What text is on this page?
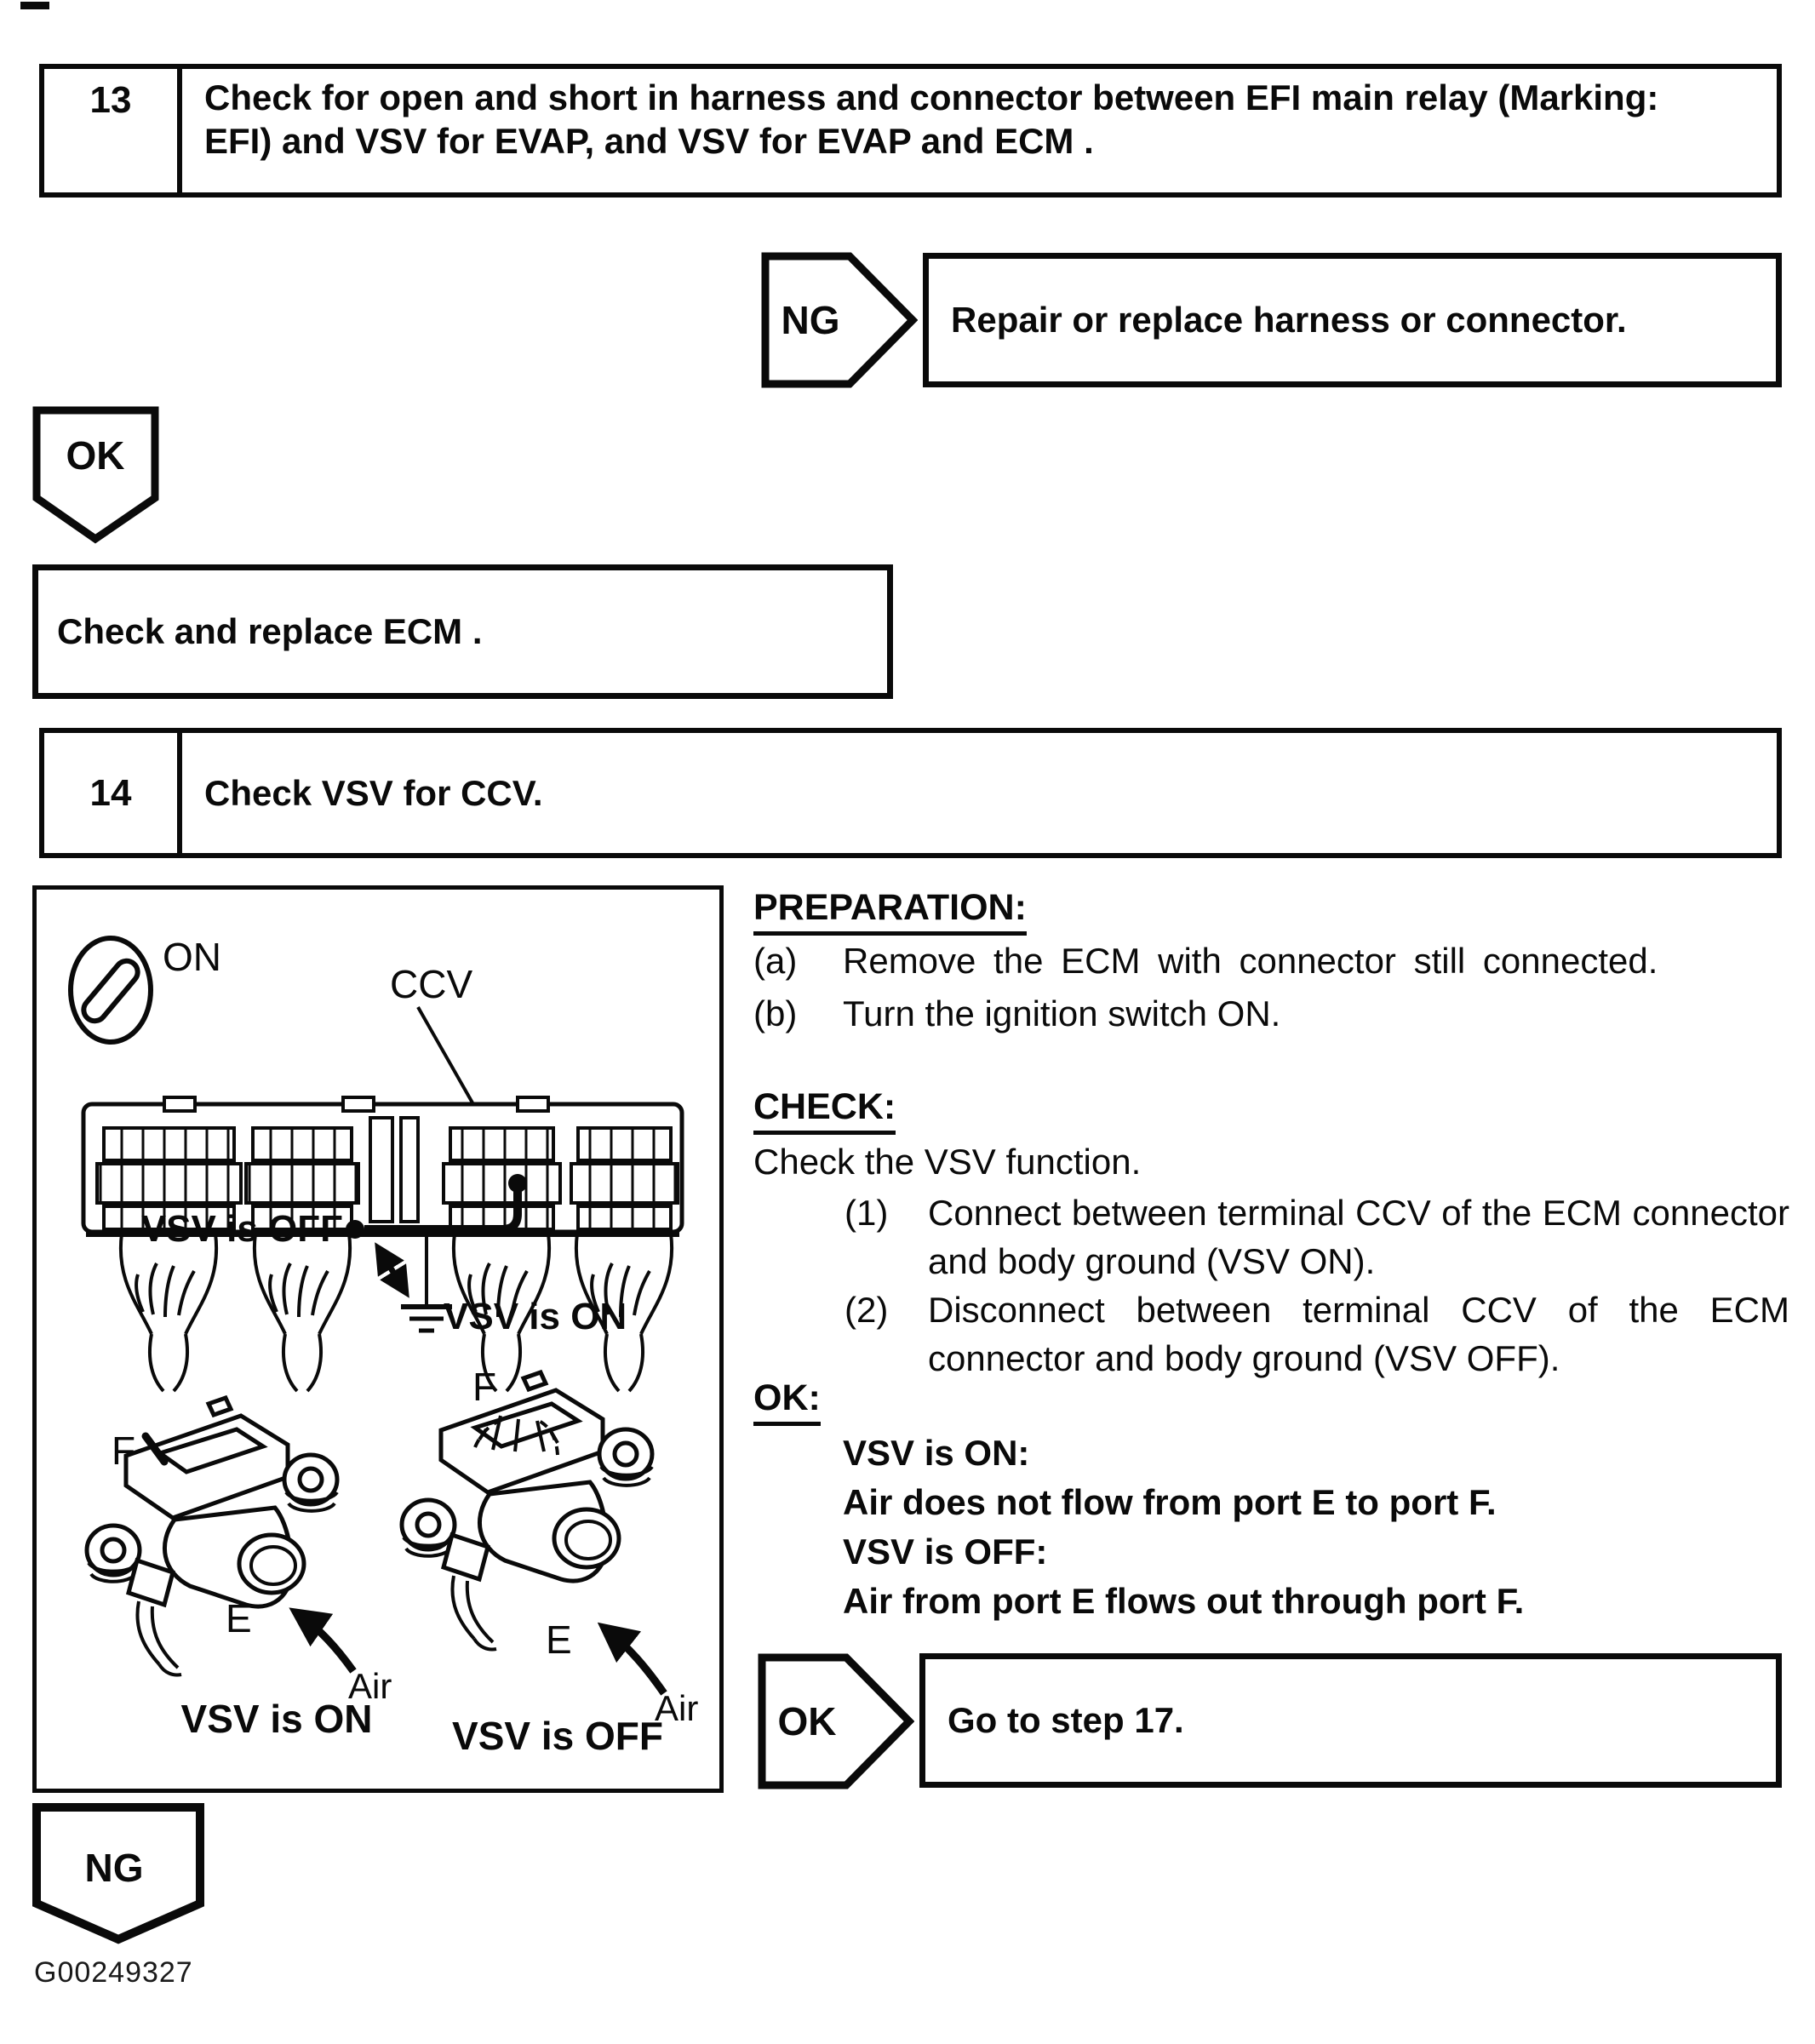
13	Check for open and short in harness and connector between EFI main relay (Marking: EFI) and VSV for EVAP, and VSV for EVAP and ECM .
NG	Repair or replace harness or connector.
OK
Check and replace ECM .
14	Check VSV for CCV.
ON
CCV
VSV is OFF
VSV is ON
F
E
Air
VSV is ON
F
E
Air
VSV is OFF
PREPARATION:
(a)	Remove the ECM with connector still connected.
(b)	Turn the ignition switch ON.
CHECK:
Check the VSV function.
(1)	Connect between terminal CCV of the ECM connector and body ground (VSV ON).
(2)	Disconnect between terminal CCV of the ECM connector and body ground (VSV OFF).
OK:
VSV is ON:
Air does not flow from port E to port F.
VSV is OFF:
Air from port E flows out through port F.
OK	Go to step 17.
NG
G00249327
